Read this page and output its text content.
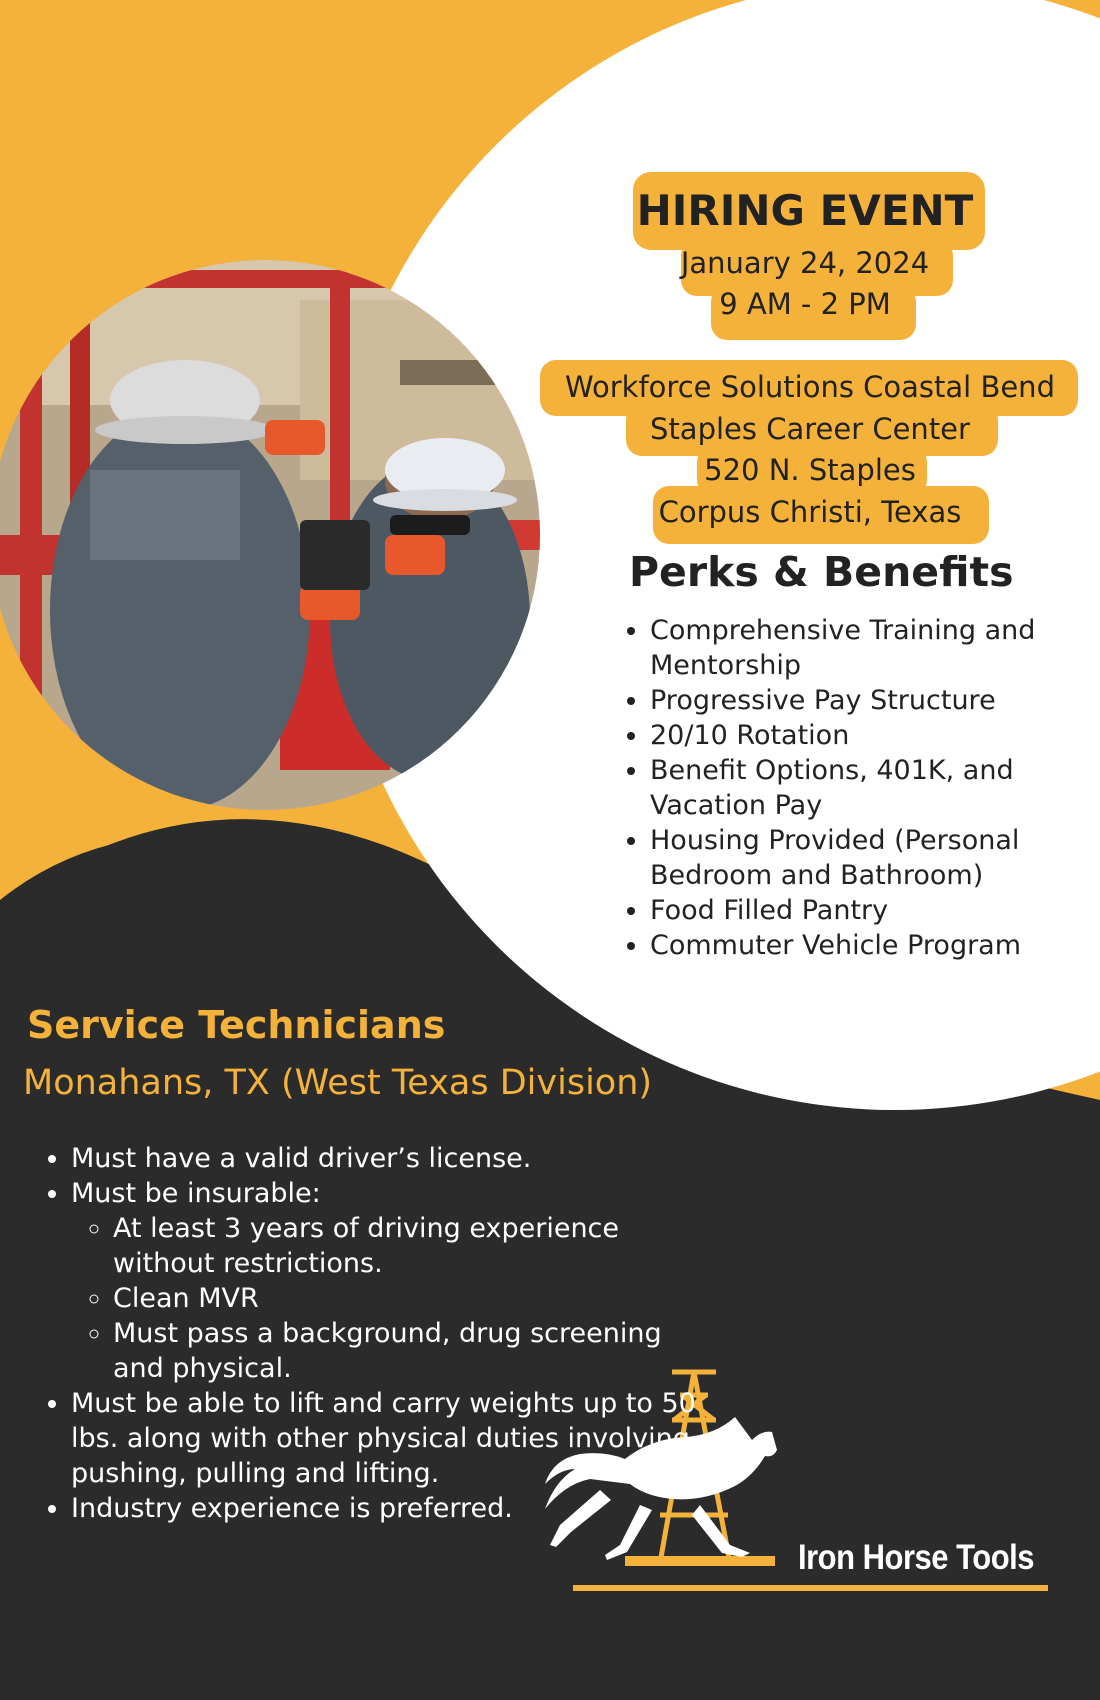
HIRING EVENT
January 24, 2024
9 AM - 2 PM
Workforce Solutions Coastal Bend
Staples Career Center
520 N. Staples
Corpus Christi, Texas
Perks & Benefits
• Comprehensive Training and Mentorship
• Progressive Pay Structure
• 20/10 Rotation
• Benefit Options, 401K, and Vacation Pay
• Housing Provided (Personal Bedroom and Bathroom)
• Food Filled Pantry
• Commuter Vehicle Program
Service Technicians
Monahans, TX (West Texas Division)
• Must have a valid driver’s license.
• Must be insurable:
◦ At least 3 years of driving experience without restrictions.
◦ Clean MVR
◦ Must pass a background, drug screening and physical.
• Must be able to lift and carry weights up to 50 lbs. along with other physical duties involving pushing, pulling and lifting.
• Industry experience is preferred.
Iron Horse Tools
